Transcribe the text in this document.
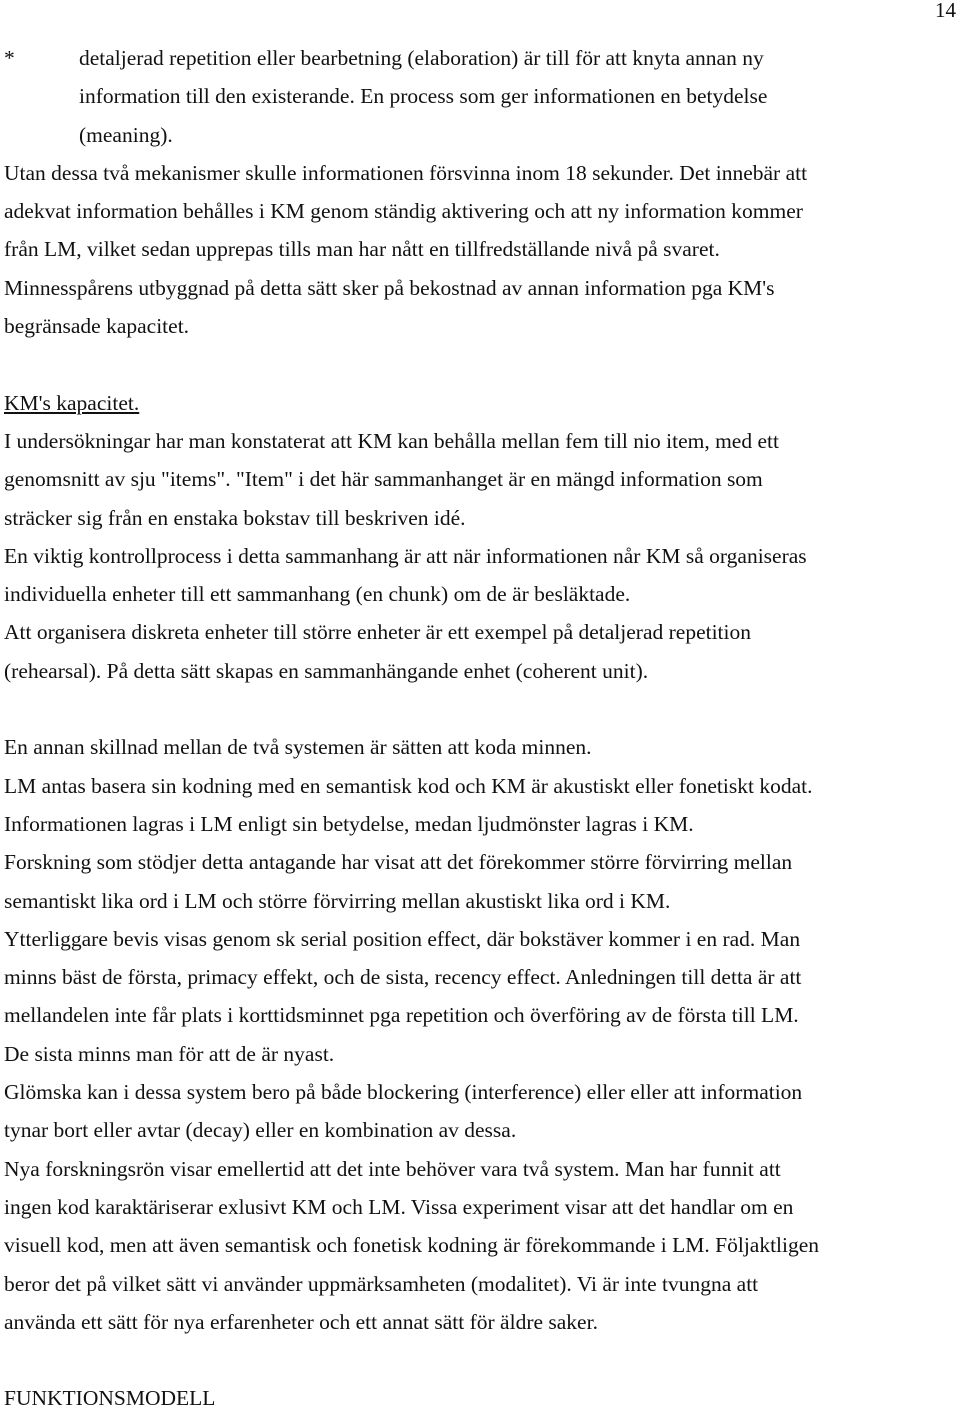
14
*	detaljerad repetition eller bearbetning (elaboration) är till för att knyta annan ny
information till den existerande. En process som ger informationen en betydelse
(meaning).
Utan dessa två mekanismer skulle informationen försvinna inom 18 sekunder. Det innebär att
adekvat information behålles i KM genom ständig aktivering och att ny information kommer
från LM, vilket sedan upprepas tills man har nått en tillfredställande nivå på svaret.
Minnesspårens utbyggnad på detta sätt sker på bekostnad av annan information pga KM's
begränsade kapacitet.
KM's kapacitet.
I undersökningar har man konstaterat att KM kan behålla mellan fem till nio item, med ett
genomsnitt av sju "items". "Item" i det här sammanhanget är en mängd information som
sträcker sig från en enstaka bokstav till beskriven idé.
En viktig kontrollprocess i detta sammanhang är att när informationen når KM så organiseras
individuella enheter till ett sammanhang (en chunk) om de är besläktade.
Att organisera diskreta enheter till större enheter är ett exempel på detaljerad repetition
(rehearsal). På detta sätt skapas en sammanhängande enhet (coherent unit).
En annan skillnad mellan de två systemen är sätten att koda minnen.
LM antas basera sin kodning med en semantisk kod och KM är akustiskt eller fonetiskt kodat.
Informationen lagras i LM enligt sin betydelse, medan ljudmönster lagras i KM.
Forskning som stödjer detta antagande har visat att det förekommer större förvirring mellan
semantiskt lika ord i LM och större förvirring mellan akustiskt lika ord i KM.
Ytterliggare bevis visas genom sk serial position effect, där bokstäver kommer i en rad. Man
minns bäst de första, primacy effekt, och de sista, recency effect. Anledningen till detta är att
mellandelen inte får plats i korttidsminnet pga repetition och överföring av de första till LM.
De sista minns man för att de är nyast.
Glömska kan i dessa system bero på både blockering (interference) eller eller att information
tynar bort eller avtar (decay) eller en kombination av dessa.
Nya forskningsrön visar emellertid att det inte behöver vara två system. Man har funnit att
ingen kod karaktäriserar exlusivt KM och LM. Vissa experiment visar att det handlar om en
visuell kod, men att även semantisk och fonetisk kodning är förekommande i LM. Följaktligen
beror det på vilket sätt vi använder uppmärksamheten (modalitet). Vi är inte tvungna att
använda ett sätt för nya erfarenheter och ett annat sätt för äldre saker.
FUNKTIONSMODELL
